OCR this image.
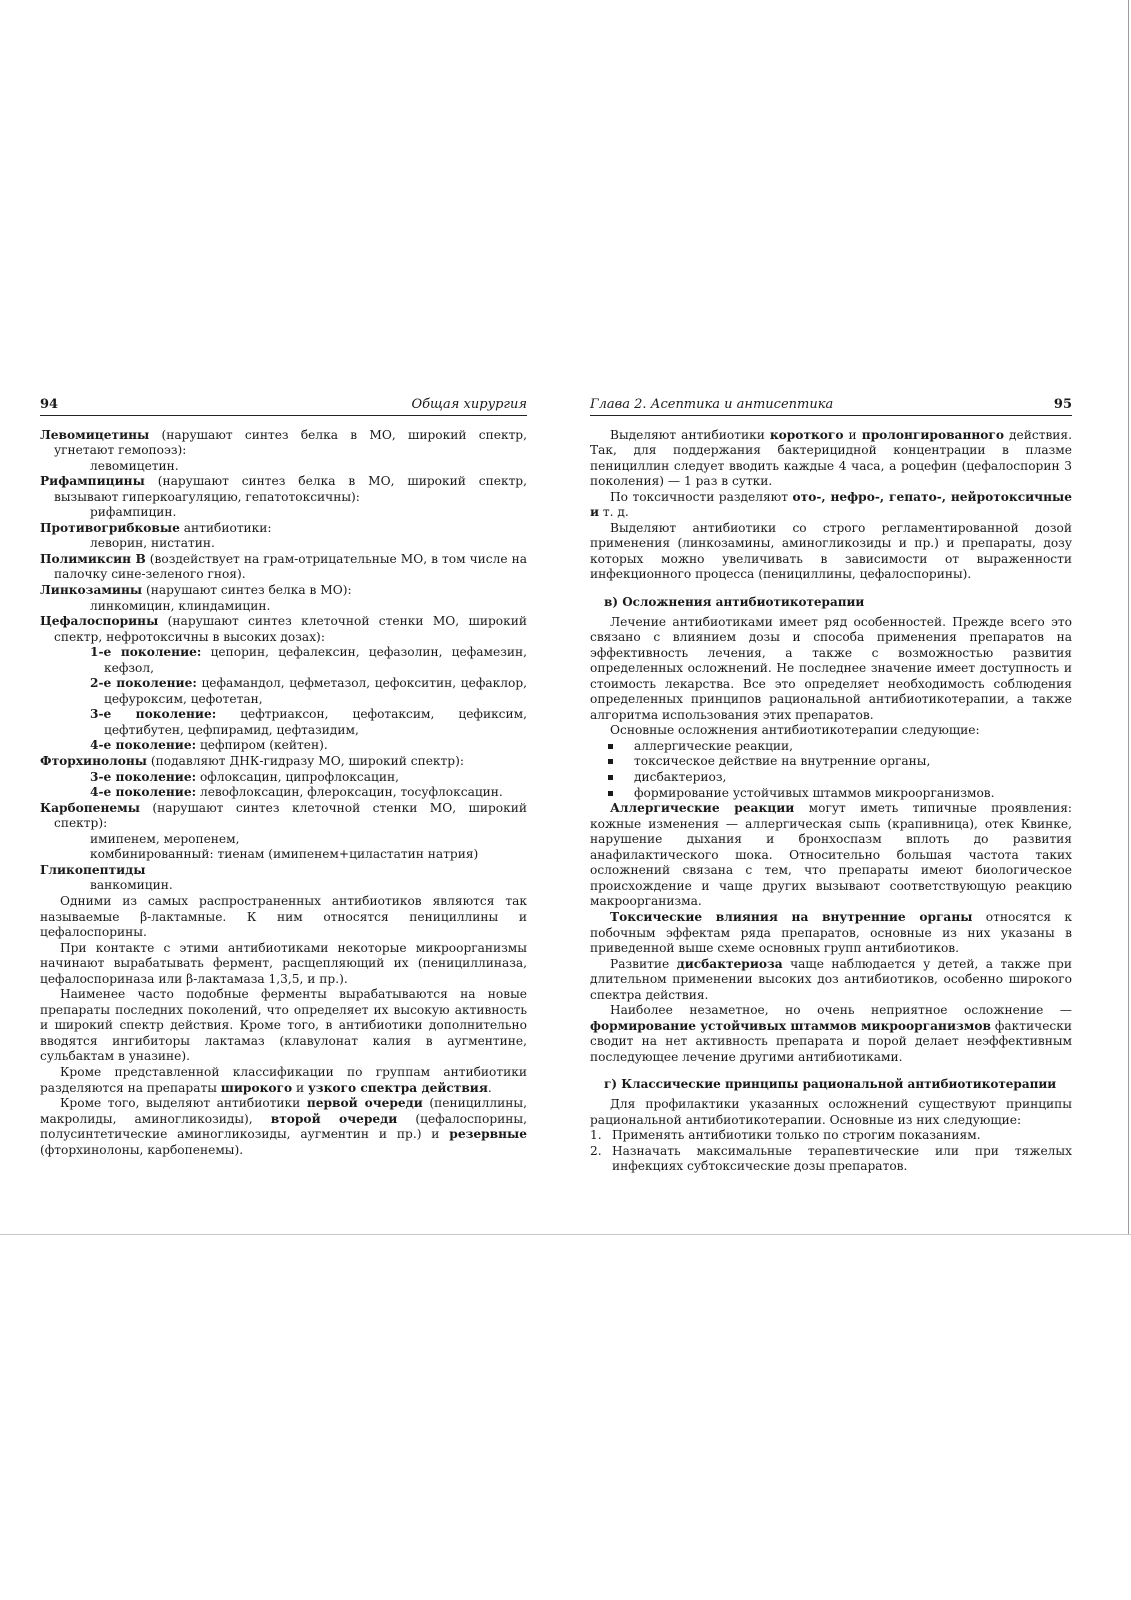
94	Общая хирургия

Левомицетины (нарушают синтез белка в МО, широкий спектр, угнетают гемопоэз):

левомицетин.

Рифампицины (нарушают синтез белка в МО, широкий спектр, вызывают гиперкоагуляцию, гепатотоксичны):

рифампицин.

Противогрибковые антибиотики:

леворин, нистатин.

Полимиксин В (воздействует на грам-отрицательные МО, в том числе на палочку сине-зеленого гноя).

Линкозамины (нарушают синтез белка в МО):

линкомицин, клиндамицин.

Цефалоспорины (нарушают синтез клеточной стенки МО, широкий спектр, нефротоксичны в высоких дозах):

1-е поколение: цепорин, цефалексин, цефазолин, цефамезин, кефзол,

2-е поколение: цефамандол, цефметазол, цефокситин, цефаклор, цефуроксим, цефотетан,

3-е поколение: цефтриаксон, цефотаксим, цефиксим, цефтибутен, цефпирамид, цефтазидим,

4-е поколение: цефпиром (кейтен).

Фторхинолоны (подавляют ДНК-гидразу МО, широкий спектр):

3-е поколение: офлоксацин, ципрофлоксацин,

4-е поколение: левофлоксацин, флероксацин, тосуфлоксацин.

Карбопенемы (нарушают синтез клеточной стенки МО, широкий спектр):

имипенем, меропенем,

комбинированный: тиенам (имипенем+циластатин натрия)

Гликопептиды

ванкомицин.

Одними из самых распространенных антибиотиков являются так называемые β-лактамные. К ним относятся пенициллины и цефалоспорины.

При контакте с этими антибиотиками некоторые микроорганизмы начинают вырабатывать фермент, расщепляющий их (пенициллиназа, цефалоспориназа или β-лактамаза 1,3,5, и пр.).

Наименее часто подобные ферменты вырабатываются на новые препараты последних поколений, что определяет их высокую активность и широкий спектр действия. Кроме того, в антибиотики дополнительно вводятся ингибиторы лактамаз (клавулонат калия в аугментине, сульбактам в уназине).

Кроме представленной классификации по группам антибиотики разделяются на препараты широкого и узкого спектра действия.

Кроме того, выделяют антибиотики первой очереди (пенициллины, макролиды, аминогликозиды), второй очереди (цефалоспорины, полусинтетические аминогликозиды, аугментин и пр.) и резервные (фторхинолоны, карбопенемы).

Глава 2. Асептика и антисептика	95

Выделяют антибиотики короткого и пролонгированного действия. Так, для поддержания бактерицидной концентрации в плазме пенициллин следует вводить каждые 4 часа, а роцефин (цефалоспорин 3 поколения) — 1 раз в сутки.

По токсичности разделяют ото-, нефро-, гепато-, нейротоксичные и т. д.

Выделяют антибиотики со строго регламентированной дозой применения (линкозамины, аминогликозиды и пр.) и препараты, дозу которых можно увеличивать в зависимости от выраженности инфекционного процесса (пенициллины, цефалоспорины).

в) Осложнения антибиотикотерапии

Лечение антибиотиками имеет ряд особенностей. Прежде всего это связано с влиянием дозы и способа применения препаратов на эффективность лечения, а также с возможностью развития определенных осложнений. Не последнее значение имеет доступность и стоимость лекарства. Все это определяет необходимость соблюдения определенных принципов рациональной антибиотикотерапии, а также алгоритма использования этих препаратов.

Основные осложнения антибиотикотерапии следующие:

аллергические реакции,
токсическое действие на внутренние органы,
дисбактериоз,
формирование устойчивых штаммов микроорганизмов.

Аллергические реакции могут иметь типичные проявления: кожные изменения — аллергическая сыпь (крапивница), отек Квинке, нарушение дыхания и бронхоспазм вплоть до развития анафилактического шока. Относительно большая частота таких осложнений связана с тем, что препараты имеют биологическое происхождение и чаще других вызывают соответствующую реакцию макроорганизма.

Токсические влияния на внутренние органы относятся к побочным эффектам ряда препаратов, основные из них указаны в приведенной выше схеме основных групп антибиотиков.

Развитие дисбактериоза чаще наблюдается у детей, а также при длительном применении высоких доз антибиотиков, особенно широкого спектра действия.

Наиболее незаметное, но очень неприятное осложнение — формирование устойчивых штаммов микроорганизмов фактически сводит на нет активность препарата и порой делает неэффективным последующее лечение другими антибиотиками.

г) Классические принципы рациональной антибиотикотерапии

Для профилактики указанных осложнений существуют принципы рациональной антибиотикотерапии. Основные из них следующие:

1. Применять антибиотики только по строгим показаниям.
2. Назначать максимальные терапевтические или при тяжелых инфекциях субтоксические дозы препаратов.
